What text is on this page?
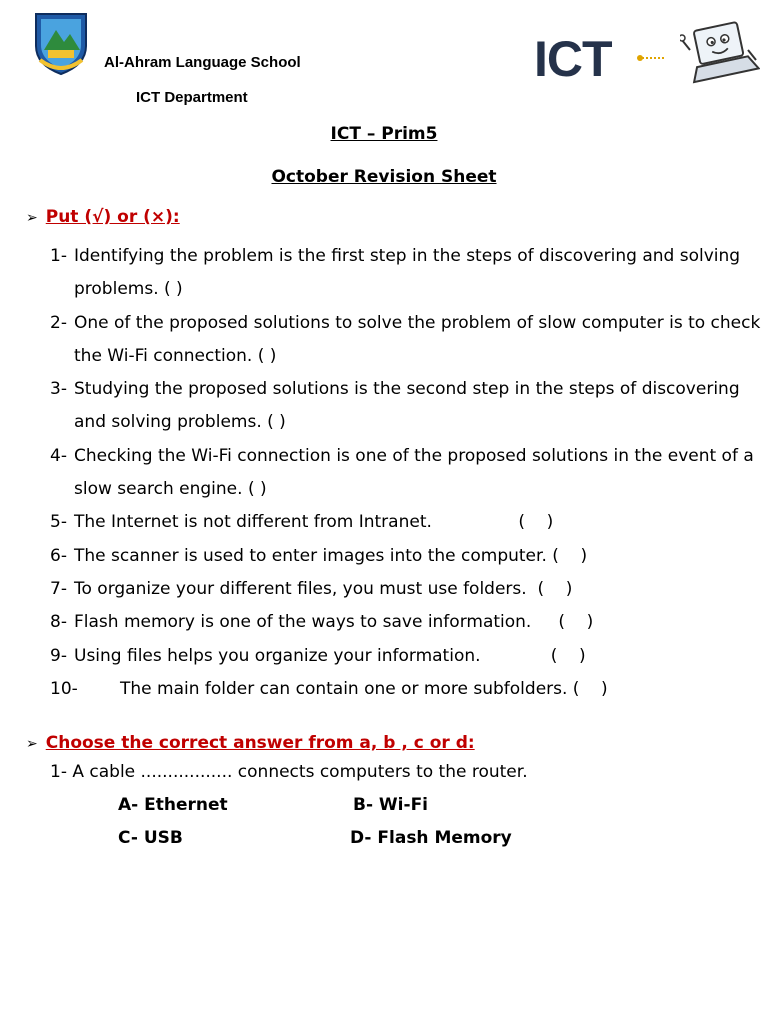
Al-Ahram Language School
ICT Department
ICT
ICT – Prim5
October Revision Sheet
➢ Put (√) or (×):
1- Identifying the problem is the first step in the steps of discovering and solving problems. ( )
2- One of the proposed solutions to solve the problem of slow computer is to check the Wi-Fi connection. ( )
3- Studying the proposed solutions is the second step in the steps of discovering and solving problems. ( )
4- Checking the Wi-Fi connection is one of the proposed solutions in the event of a slow search engine. ( )
5- The Internet is not different from Intranet.                (    )
6- The scanner is used to enter images into the computer. (    )
7- To organize your different files, you must use folders.  (    )
8- Flash memory is one of the ways to save information.     (    )
9- Using files helps you organize your information.             (    )
10-	The main folder can contain one or more subfolders. (    )
➢ Choose the correct answer from a, b , c or d:
1- A cable ................. connects computers to the router.
A- Ethernet	B- Wi-Fi
C- USB	D- Flash Memory
